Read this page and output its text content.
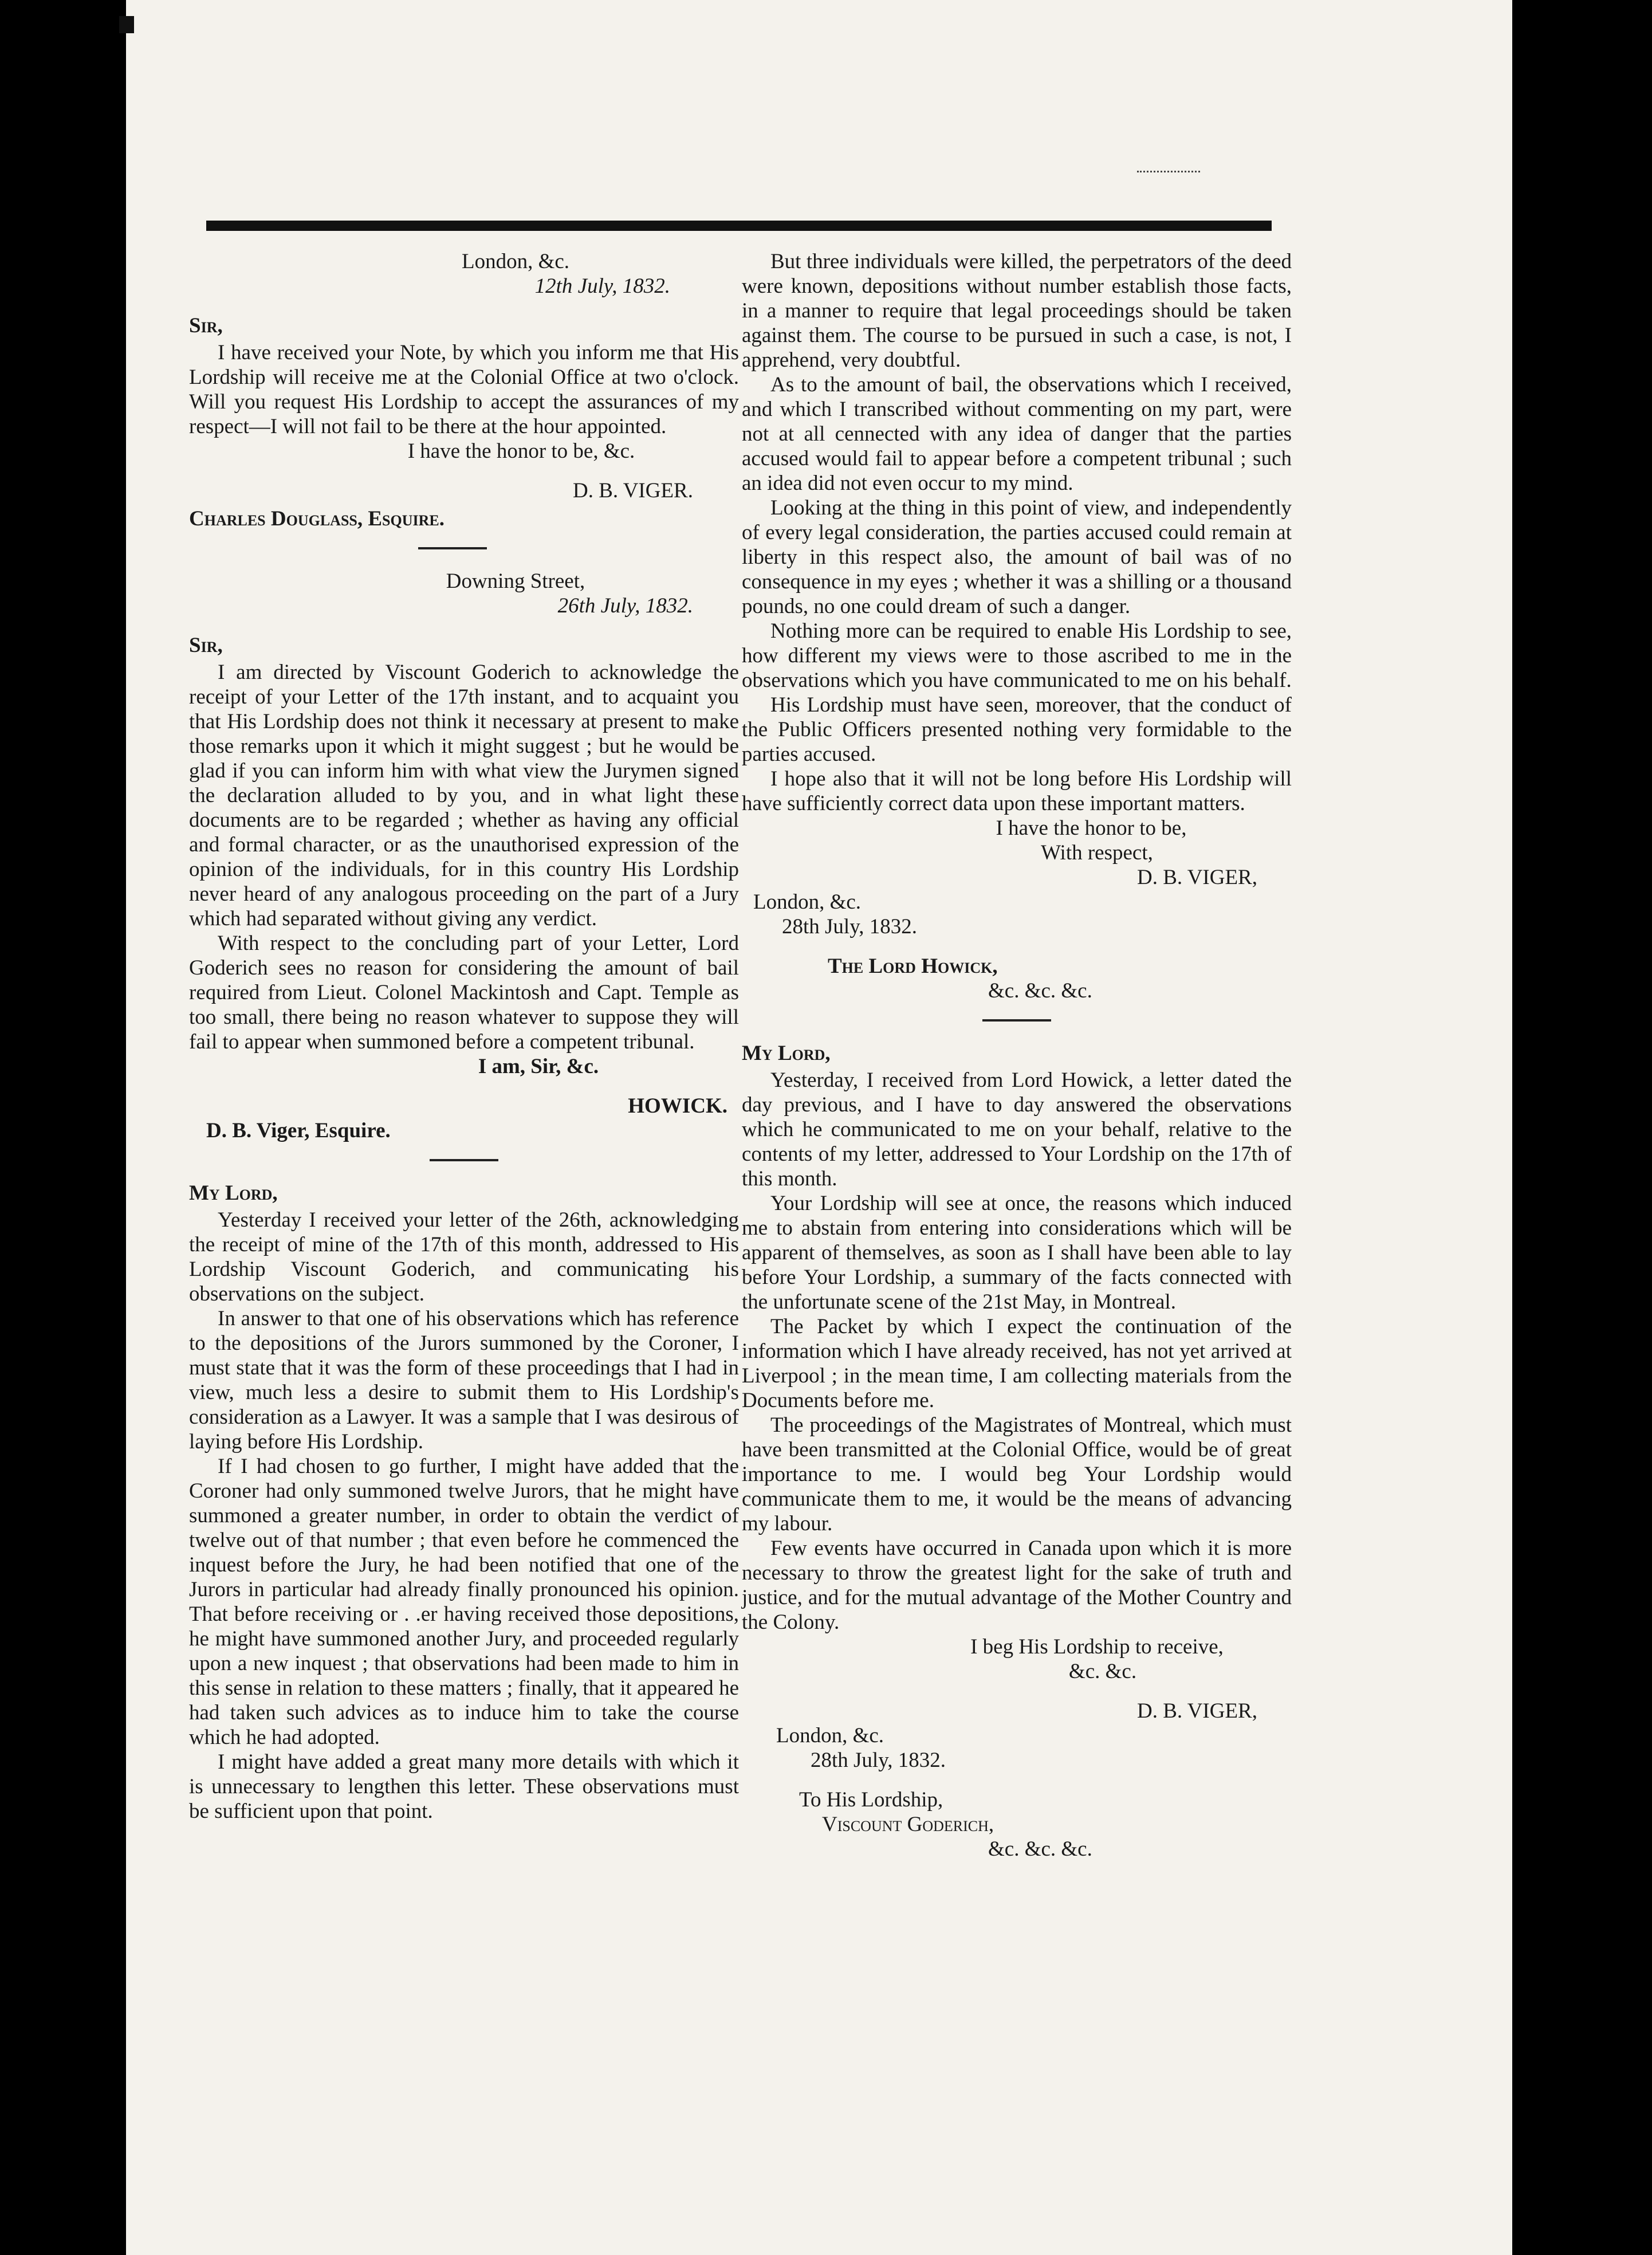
London, &c.

12th July, 1832.

Sir,

I have received your Note, by which you inform me that His Lordship will receive me at the Colonial Office at two o'clock. Will you request His Lordship to accept the assurances of my respect—I will not fail to be there at the hour appointed.

I have the honor to be, &c.

D. B. VIGER.

Charles Douglass, Esquire.

Downing Street,

26th July, 1832.

Sir,

I am directed by Viscount Goderich to acknowledge the receipt of your Letter of the 17th instant, and to acquaint you that His Lordship does not think it necessary at present to make those remarks upon it which it might suggest ; but he would be glad if you can inform him with what view the Jurymen signed the declaration alluded to by you, and in what light these documents are to be regarded ; whether as having any official and formal character, or as the unauthorised expression of the opinion of the individuals, for in this country His Lordship never heard of any analogous proceeding on the part of a Jury which had separated without giving any verdict.

With respect to the concluding part of your Letter, Lord Goderich sees no reason for considering the amount of bail required from Lieut. Colonel Mackintosh and Capt. Temple as too small, there being no reason whatever to suppose they will fail to appear when summoned before a competent tribunal.

I am, Sir, &c.

HOWICK.

D. B. Viger, Esquire.

My Lord,

Yesterday I received your letter of the 26th, acknowledging the receipt of mine of the 17th of this month, addressed to His Lordship Viscount Goderich, and communicating his observations on the subject.

In answer to that one of his observations which has reference to the depositions of the Jurors summoned by the Coroner, I must state that it was the form of these proceedings that I had in view, much less a desire to submit them to His Lordship's consideration as a Lawyer. It was a sample that I was desirous of laying before His Lordship.

If I had chosen to go further, I might have added that the Coroner had only summoned twelve Jurors, that he might have summoned a greater number, in order to obtain the verdict of twelve out of that number ; that even before he commenced the inquest before the Jury, he had been notified that one of the Jurors in particular had already finally pronounced his opinion. That before receiving or . .er having received those depositions, he might have summoned another Jury, and proceeded regularly upon a new inquest ; that observations had been made to him in this sense in relation to these matters ; finally, that it appeared he had taken such advices as to induce him to take the course which he had adopted.

I might have added a great many more details with which it is unnecessary to lengthen this letter. These observations must be sufficient upon that point.

But three individuals were killed, the perpetrators of the deed were known, depositions without number establish those facts, in a manner to require that legal proceedings should be taken against them. The course to be pursued in such a case, is not, I apprehend, very doubtful.

As to the amount of bail, the observations which I received, and which I transcribed without commenting on my part, were not at all cennected with any idea of danger that the parties accused would fail to appear before a competent tribunal ; such an idea did not even occur to my mind.

Looking at the thing in this point of view, and independently of every legal consideration, the parties accused could remain at liberty in this respect also, the amount of bail was of no consequence in my eyes ; whether it was a shilling or a thousand pounds, no one could dream of such a danger.

Nothing more can be required to enable His Lordship to see, how different my views were to those ascribed to me in the observations which you have communicated to me on his behalf.

His Lordship must have seen, moreover, that the conduct of the Public Officers presented nothing very formidable to the parties accused.

I hope also that it will not be long before His Lordship will have sufficiently correct data upon these important matters.

I have the honor to be,

With respect,

D. B. VIGER,

London, &c.

28th July, 1832.

The Lord Howick,

&c. &c. &c.

My Lord,

Yesterday, I received from Lord Howick, a letter dated the day previous, and I have to day answered the observations which he communicated to me on your behalf, relative to the contents of my letter, addressed to Your Lordship on the 17th of this month.

Your Lordship will see at once, the reasons which induced me to abstain from entering into considerations which will be apparent of themselves, as soon as I shall have been able to lay before Your Lordship, a summary of the facts connected with the unfortunate scene of the 21st May, in Montreal.

The Packet by which I expect the continuation of the information which I have already received, has not yet arrived at Liverpool ; in the mean time, I am collecting materials from the Documents before me.

The proceedings of the Magistrates of Montreal, which must have been transmitted at the Colonial Office, would be of great importance to me. I would beg Your Lordship would communicate them to me, it would be the means of advancing my labour.

Few events have occurred in Canada upon which it is more necessary to throw the greatest light for the sake of truth and justice, and for the mutual advantage of the Mother Country and the Colony.

I beg His Lordship to receive,

&c. &c.

D. B. VIGER,

London, &c.

28th July, 1832.

To His Lordship,

Viscount Goderich,

&c. &c. &c.
